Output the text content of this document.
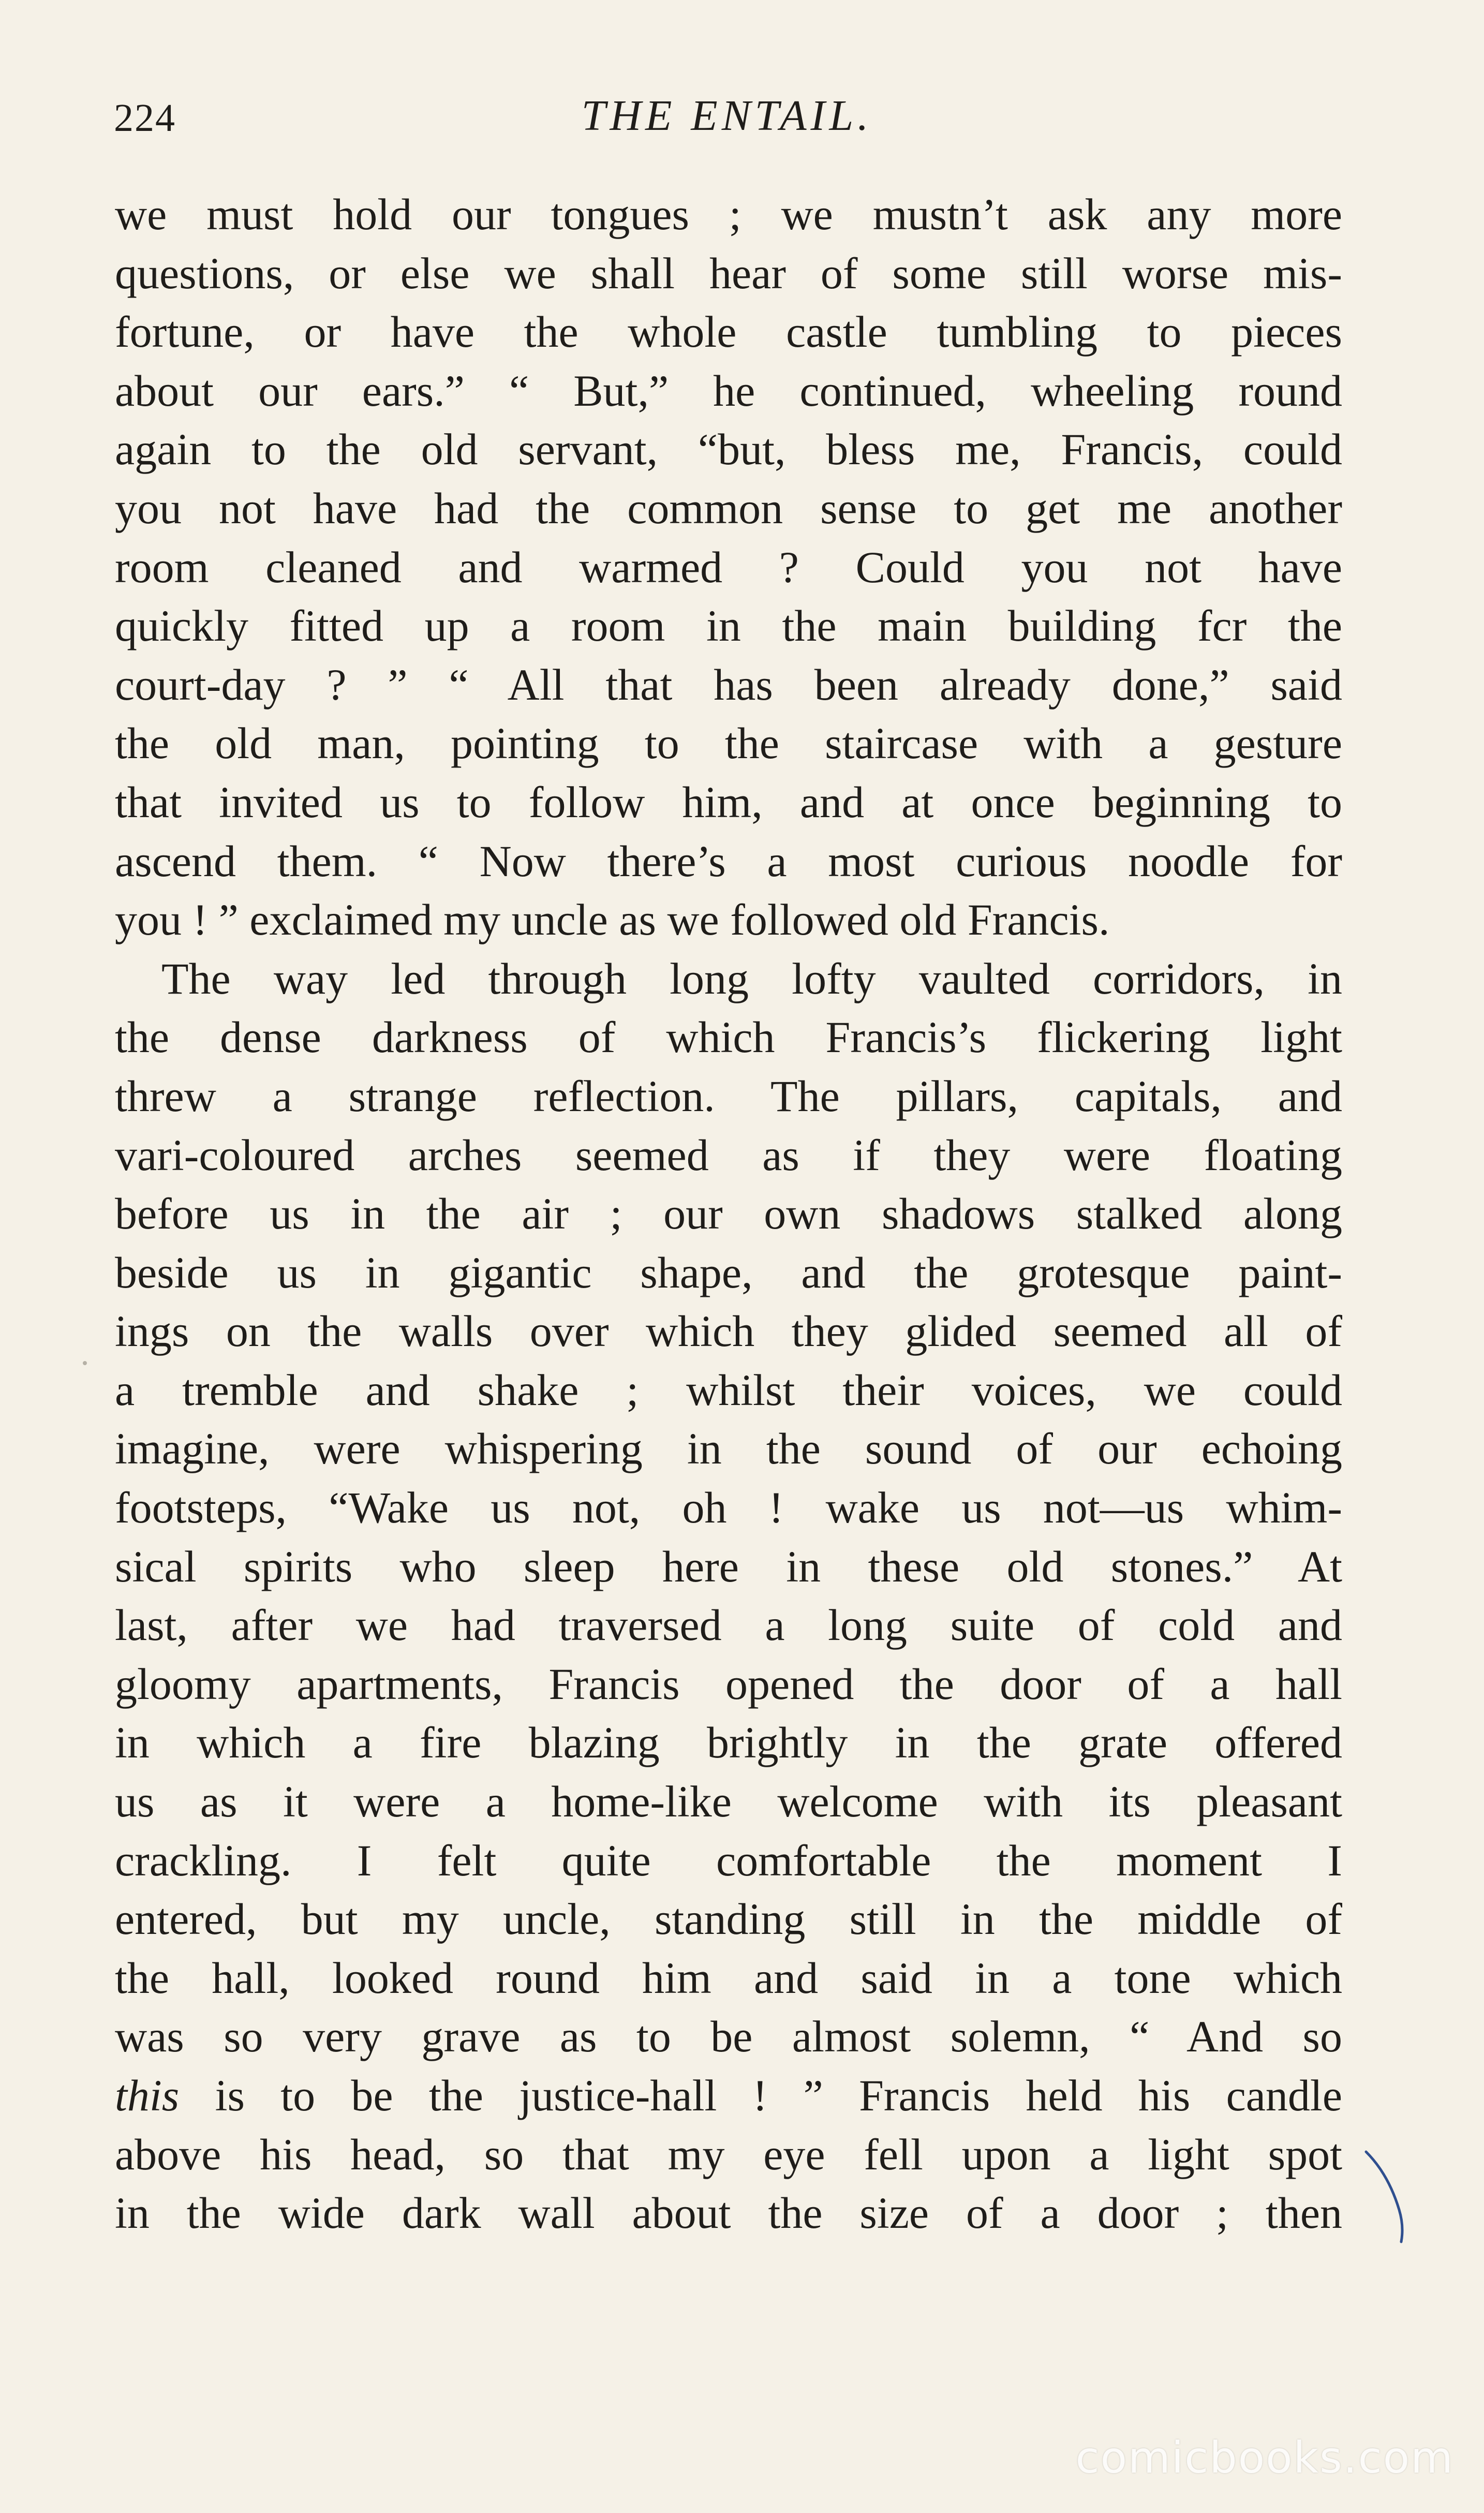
224	THE ENTAIL.
we must hold our tongues ; we mustn’t ask any more
questions, or else we shall hear of some still worse mis-
fortune, or have the whole castle tumbling to pieces
about our ears.” “ But,” he continued, wheeling round
again to the old servant, “but, bless me, Francis, could
you not have had the common sense to get me another
room cleaned and warmed ? Could you not have
quickly fitted up a room in the main building fcr the
court-day ? ” “ All that has been already done,” said
the old man, pointing to the staircase with a gesture
that invited us to follow him, and at once beginning to
ascend them. “ Now there’s a most curious noodle for
you ! ” exclaimed my uncle as we followed old Francis.
The way led through long lofty vaulted corridors, in
the dense darkness of which Francis’s flickering light
threw a strange reflection. The pillars, capitals, and
vari-coloured arches seemed as if they were floating
before us in the air ; our own shadows stalked along
beside us in gigantic shape, and the grotesque paint-
ings on the walls over which they glided seemed all of
a tremble and shake ; whilst their voices, we could
imagine, were whispering in the sound of our echoing
footsteps, “Wake us not, oh ! wake us not—us whim-
sical spirits who sleep here in these old stones.” At
last, after we had traversed a long suite of cold and
gloomy apartments, Francis opened the door of a hall
in which a fire blazing brightly in the grate offered
us as it were a home-like welcome with its pleasant
crackling. I felt quite comfortable the moment I
entered, but my uncle, standing still in the middle of
the hall, looked round him and said in a tone which
was so very grave as to be almost solemn, “ And so
this is to be the justice-hall ! ” Francis held his candle
above his head, so that my eye fell upon a light spot
in the wide dark wall about the size of a door ; then
comicbooks.com
